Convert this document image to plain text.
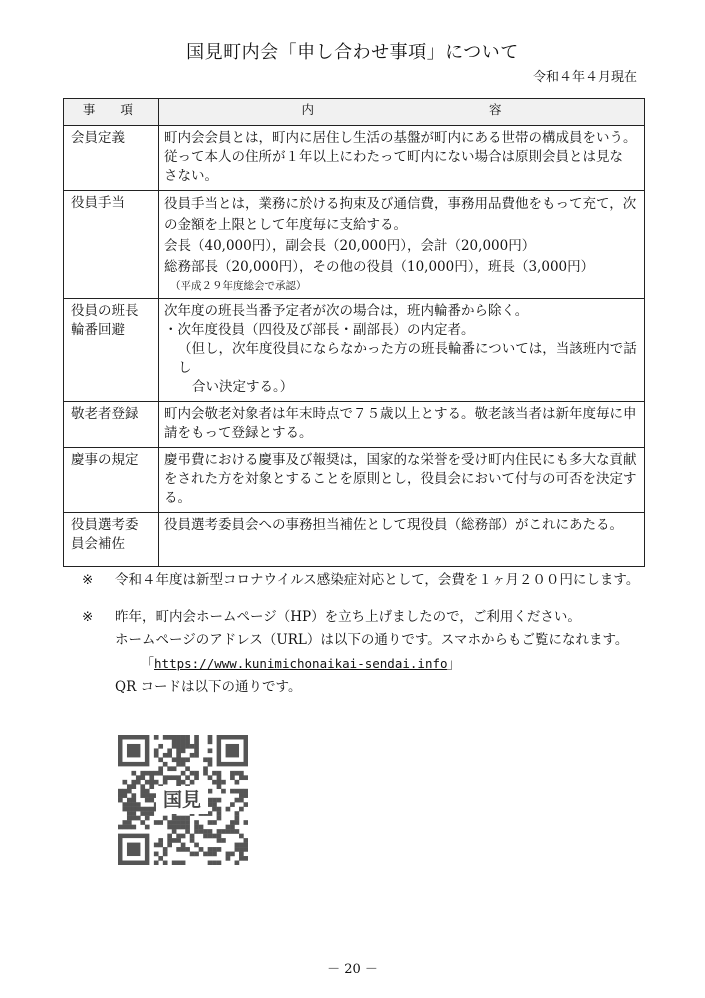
国見町内会「申し合わせ事項」について
令和４年４月現在
事　項	内 容

会員定義	町内会会員とは，町内に居住し生活の基盤が町内にある世帯の構成員をいう。
従って本人の住所が１年以上にわたって町内にない場合は原則会員とは見な
さない。

役員手当	役員手当とは，業務に於ける拘束及び通信費，事務用品費他をもって充て，次
の金額を上限として年度毎に支給する。
会長（40,000円），副会長（20,000円），会計（20,000円）
総務部長（20,000円），その他の役員（10,000円），班長（3,000円）
（平成２９年度総会で承認）

役員の班長
輪番回避	次年度の班長当番予定者が次の場合は，班内輪番から除く。
・次年度役員（四役及び部長・副部長）の内定者。
（但し，次年度役員にならなかった方の班長輪番については，当該班内で話し
合い決定する。）

敬老者登録	町内会敬老対象者は年末時点で７５歳以上とする。敬老該当者は新年度毎に申
請をもって登録とする。

慶事の規定	慶弔費における慶事及び報奨は，国家的な栄誉を受け町内住民にも多大な貢献
をされた方を対象とすることを原則とし，役員会において付与の可否を決定す
る。

役員選考委
員会補佐	役員選考委員会への事務担当補佐として現役員（総務部）がこれにあたる。
※	令和４年度は新型コロナウイルス感染症対応として，会費を１ヶ月２００円にします。
※ 昨年，町内会ホームページ（HP）を立ち上げましたので，ご利用ください。
ホームページのアドレス（URL）は以下の通りです。スマホからもご覧になれます。
「https://www.kunimichonaikai-sendai.info」
QR コードは以下の通りです。
国見
－ 20 －
